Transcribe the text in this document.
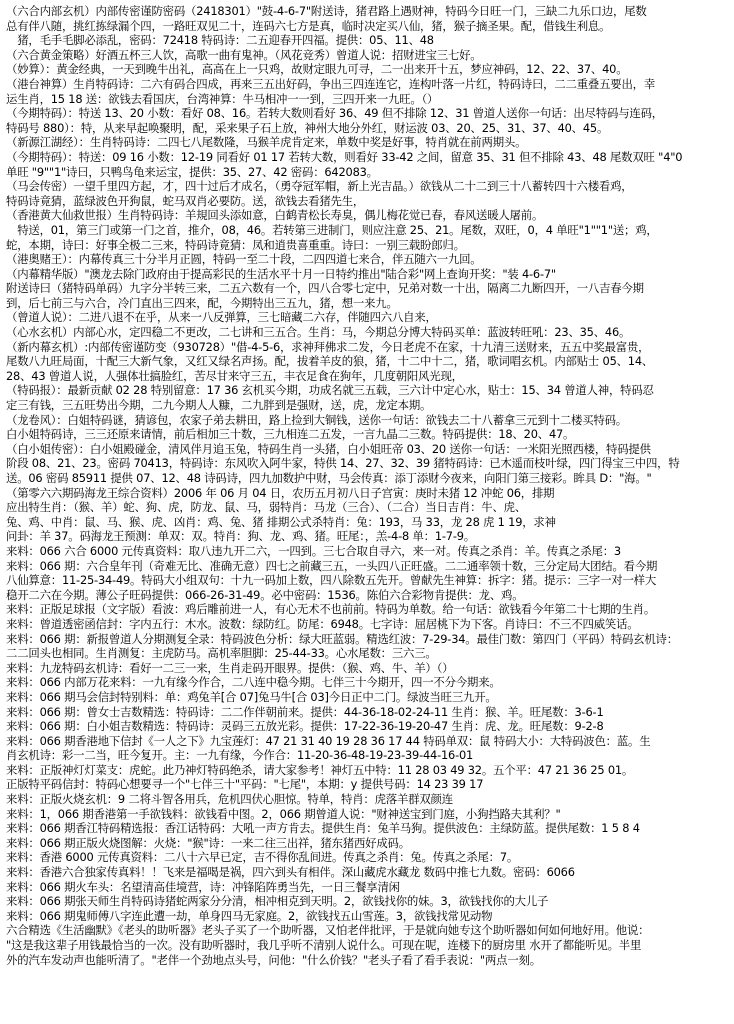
（六合内部玄机）内部传密谨防密码（2418301）"鼓-4-6-7"附送诗，猪君路上遇财神，特码今日旺一门，三缺二九乐口边，尾数
总有伴八随，挑红拣绿漏个四，一路旺双见二十，连码六七方是真，临时决定买八仙，猪，猴子摘圣果。配，借钱生利息。
　猪，毛手毛脚必添乱，密码：72418 特码诗：二五迎春开四福。提供：05、11、48
（六合黄金策略）好酒五杯三人饮，高歌一曲有鬼神。（风花竞秀）曾道人说：招财进宝三七好。
（妙算）：黄金经典，一天到晚牛出礼，高高在上一只鸡，故财定眼九可寻，二一出来开十五，梦应神码，12、22、37、40。
（港台神算）生肖特码诗：二六有码合四成，再来三五出好码，争出三四连连它，连构叶落一片红，特码诗曰，二二重叠五要出，幸
运生肖，15 18 送：欲钱去看国庆，台湾神算：牛马相冲一一到，三四开来一九旺。（）
（今期特码）：特送 13、20 小数：看好 08、16。若转大数则看好 36、49 但不排除 12、31 曾道人送你一句话：出尽特码与连码，
特码号 880）：特，从来早起唤聚明，配，采来果子石上放，神州大地分外红，财运波 03、20、25、31、37、40、45。
（新源江湖经）：生肖特码诗：二四七八尾数隆，马猴羊虎肯定来，单数中奖是好事，特肖就在前两期头。
（今期特码）：特送：09 16 小数：12-19 同看好 01 17 若转大数，则看好 33-42 之间，留意 35、31 但不排除 43、48 尾数双旺 "4"0
单旺 "9""1"诗曰，只鸭鸟龟来运宝，提供：35、27、42 密码：642083。
（马会传密）一望千里四方起，才，四十过后才成名，（勇夺冠军帽，新上光吉晶。）欲钱从二十二到三十八蓄转四十六楼看鸡，
特码诗竟猜，蓝绿波色开狗鼠，蛇马双肖必要防。送，欲钱去看猪先生，
（香港黄大仙救世报）生肖特码诗：羊規回头添如意，白鹤青松长寿臭，偶儿梅花觉已春，春风送暖人屠前。
　特送，01，第三门或第一门之首，推介，08，46。若转第三进制门，则应注意 25、21。尾数，双旺，0，4 单旺"1""1"送；鸡，
蛇，本期，诗曰：好事全极二三来，特码诗竟猜：凤和逍贵喜重重。诗曰：一别三载盼郎归。
（港奥赌王）：内幕传真三十分半月正圆，特码一至二十段，二四四道七来合，伴五随六一九回。
（内幕精华版）"澳龙去除门政府由于提高彩民的生活水平十月一日特约推出"陆合彩"网上查询开奖："装 4-6-7"
附送诗曰（猪特码单码）九字分半转三来，二五六数有一个，四八合零七定中，兄弟对数一十出，隔离二九断四开，一八吉春今期
到，后七前三与六合，冷门直出三四来，配，今期特出三五九，猪，想一来九。
（曾道人说）：二进八退不在乎，从来一八反弹算，三七暗藏二六存，伴随四六八自来，
（心水玄机）内部心水，定四稳二不更改，二七讲和三五合。生肖：马，今期总分博大特码买单：蓝波转旺吼：23、35、46。
（新内幕玄机）:内部传密谨防变（930728）"借-4-5-6，求神拜佛求二发，今日老虎不在家，十九清三送财来，五五中奖最富贵，
尾数八九旺局面，十配三大新气象，又红又绿名声扬。配，拔着羊皮的狼，猪，十二中十二，猪，歌词唱玄机。内部贴士 05、14、
28、43 曾道人说，人强体壮搞脸红，苦尽甘来守三五，丰衣足食在狗年，几度朝阳风光现，
（特码报）：最新贡献 02 28 特别留意：17 36 玄机买今期，功成名就三五载，三六计中定心水，贴士：15、34 曾道人神，特码忍
定三有钱，三五旺势出今期，二九今期人人糠，二九胖到是强财，送，虎，龙定本期。
（龙卷风）：白姐特码谜，猜谚包，农家子弟去耕田，路上捡到大铜钱，送你一句话：欲钱去二十八蓄拿三元到十二楼买特码。
白小姐特码诗，三三还原来请情，前后相加三十数，三九相连二五发，一言九晶二三数。特码提供：18、20、47。
（白小姐传密）：白小姐殿碰金，清风伴月追玉兔，特码生肖一头猪，白小姐旺帝 03、20 送你一句话：一米阳光照西楼，特码提供
阶段 08、21、23。密码 70413，特码诗：东风吹入阿牛家，特供 14、27、32、39 猪特码诗：已木遥而枝叶绿，四门得宝三中四，特
送。06 密码 85911 提供 07、12、48 诗码诗，四九加数护中财，马会传真：添丁添财今夜来，向阳门第三接彩。眸具 D："海。"
（第零六六期码海龙王综合资料）2006 年 06 月 04 日，农历五月初八日子宫寅：庚时未猪 12 冲蛇 06，排期
应出特生肖：（猴、羊）蛇、狗、虎，防龙、鼠、马，弱特肖：马龙（三合）、（二合）当日吉肖：牛、虎、
兔、鸡、中肖：鼠、马、猴、虎、凶肖：鸡、兔、猪 排期公式杀特肖：兔：193，马 33，龙 28 虎 1 19，求神
问卦：羊 37。码海龙王预测：单双：双。特肖：狗、龙、鸡、猪。旺尾：，羔-4-8 单：1-7-9。
来料：066 六合 6000 元传真资料：取八违九开二六，一四到。三七合取自寻六，来一对。传真之杀肖：羊。传真之杀尾：3
来料：066 期：六合皇年刊（奇难无比、准确无意）四七之前藏三五，一头四八正旺盛。二二通率领十数，三分定局大团结。看今期
八仙算意：11-25-34-49。特码大小组双句：十九一码加上数，四八除数五先开。曾献先生神算：拆字：猪。提示：三字一对一样大
稳开二六在今期。薄公子旺码提供：066-26-31-49。必中密码：1536。陈伯六合彩物肯提供：龙、鸡。
来料：正版足球报（文字版）看波：鸡后雕前进一人，有心无术不也前前。特码为单数。给一句话：欲钱看今年第二十七期的生肖。
来料：曾道透密函信封：字内五行：木水。波数：绿防红。防尾：6948。七字诗：屈居桃下为下客。肖诗曰：不三不四威笑话。
来料：066 期：新报曾道人分期测复全录：特码波色分析：绿大旺蓝弱。精选红波：7-29-34。最佳门数：第四门（平码）特码玄机诗：
二二回头也相同。生肖测复：主虎防马。高机率胆脚：25-44-33。心水尾数：三六三。
来料：九龙特码玄机诗：看好一二三一来，生肖走码开眼界。提供：（猴、鸡、牛、羊）（）
来料：066 内部万花来料：一九有缘今作合，二八连中稳今期。七伴三十今期开，四一不分今期来。
来料：066 期马会信封特别料：单：鸡兔羊[合 07]兔马牛[合 03]今日正中二门。绿波当旺三九开。
来料：066 期：曾女士吉数精选：特码诗：二二作伴朝前来。提供：44-36-18-02-24-11 生肖：猴、羊。旺尾数：3-6-1
来料：066 期：白小姐吉数精选：特码诗：灵码三五放光彩。提供：17-22-36-19-20-47 生肖：虎、龙。旺尾数：9-2-8
来料：066 期香港地下信封《一人之下》九宝莲灯：47 21 31 40 19 28 36 17 44 特码单双：鼠 特码大小：大特码波色：蓝。生
肖玄机诗：彩一二当，旺今复开。主：一九有缘，今作合：11-20-36-48-19-23-39-44-16-01
来料：正版神灯灯菜支：虎蛇。此乃神灯特码绝杀，请大家参考！神灯五中特：11 28 03 49 32。五个平：47 21 36 25 01。
正版特平码信封：特码心想要寻一个"七伴三十"平码："七尾"，本期：y 提供号码：14 23 39 17
来料：正版火烧玄机：9 二将斗智各用兵，危机四伏心胆惊。特单，特肖：虎落羊群双颜连
来料：1，066 期香港第一手欲钱料：欲钱看中图。2，066 期曾道人说："财神送宝到门庭，小狗挡路夫其利？"
来料：066 期香江特码精选报：香江话特码：大吼一声方肯去。提供生肖：兔羊马狗。提供波色：主绿防蓝。提供尾数：1 5 8 4
来料：066 期正版火烧图解：火烧："猴"诗：一来二往三出祥，猪东猪西好成码。
来料：香港 6000 元传真资料：二八十六早已定，吉不得你乱间进。传真之杀肖：兔。传真之杀尾：7。
来料：香港六合独家传真料！！飞来是福喝是祸，四六到头有相伴。深山藏虎水藏龙 数码中推七九数。密码：6066
来料：066 期火车头：名望清高佳境营，诗：冲锋陷阵勇当先，一日三餐享清闲
来料：066 期张天师生肖特码诗猪蛇两家分分清，相冲相克到天明。2，欲钱找你的妹。3，欲钱找你的大儿子
来料：066 期鬼师傅八字连此遭一劫，单身四马无家庭。2，欲钱找五山雪莲。3，欲钱找常见动物
六合精选《生活幽默》《老头的助听器》老头子买了一个助听器，又怕老伴批评，于是就向她专这个助听器如何如何地好用。他说：
"这是我这辈子用钱最恰当的一次。没有助听器时，我几乎听不清别人说什么。可现在呢，连楼下的厨房里 水开了都能听见。半里
外的汽车发动声也能听清了。"老伴一个劲地点头号，问他："什么价钱？"老头子看了看手表说："两点一刻。
